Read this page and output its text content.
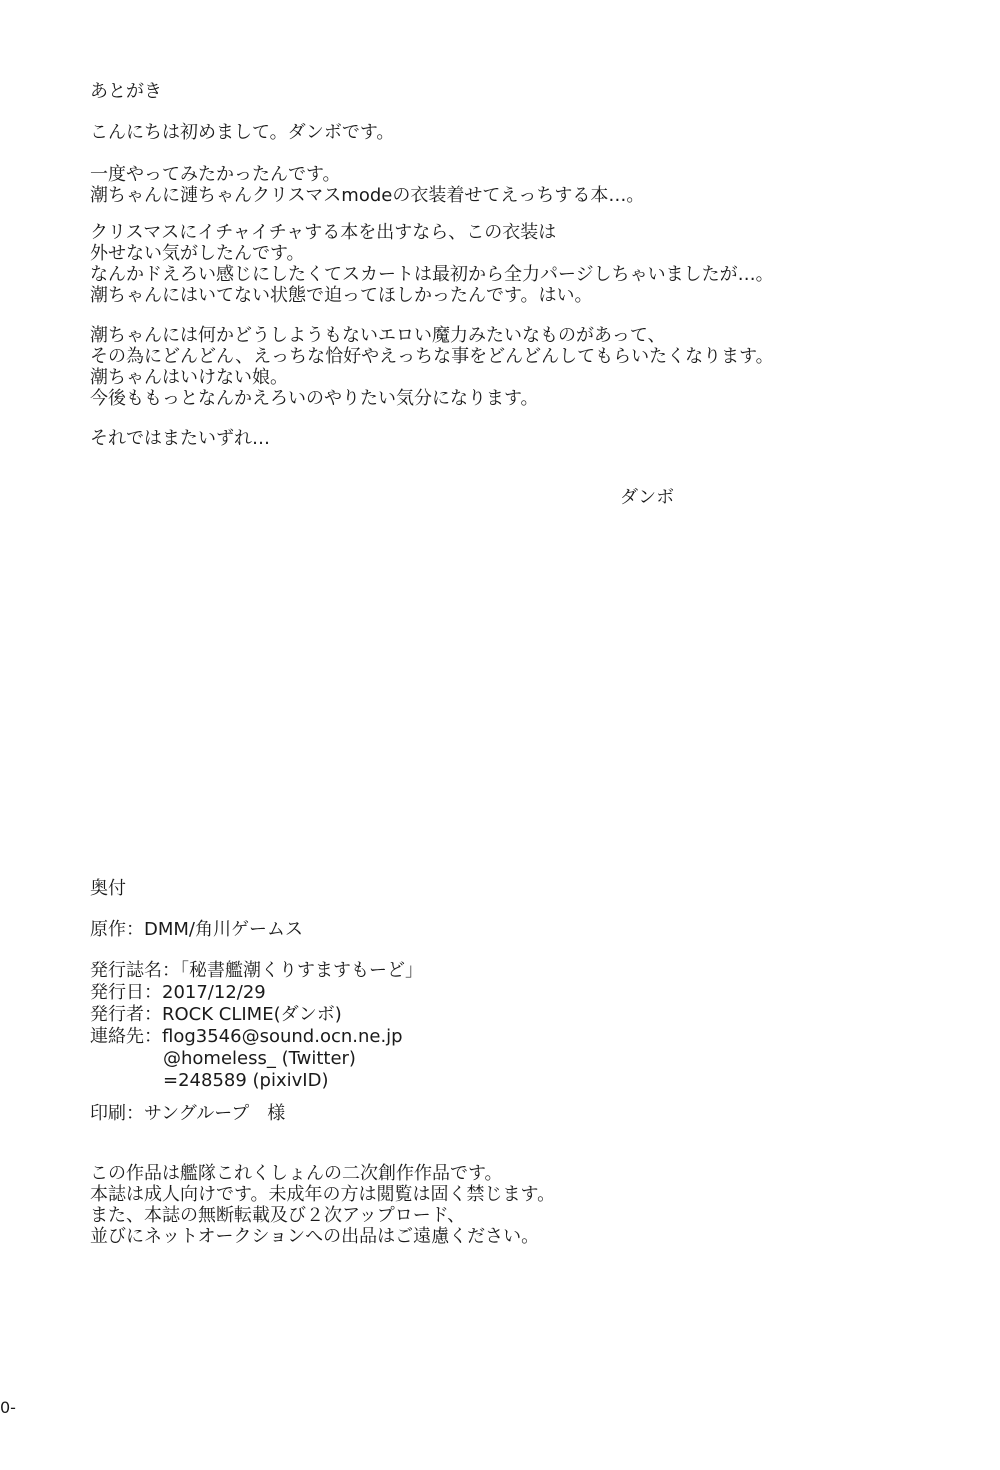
あとがき
こんにちは初めまして。ダンボです。
一度やってみたかったんです。
潮ちゃんに漣ちゃんクリスマスmodeの衣装着せてえっちする本…。
クリスマスにイチャイチャする本を出すなら、この衣装は
外せない気がしたんです。
なんかドえろい感じにしたくてスカートは最初から全力パージしちゃいましたが…。
潮ちゃんにはいてない状態で迫ってほしかったんです。はい。
潮ちゃんには何かどうしようもないエロい魔力みたいなものがあって、
その為にどんどん、えっちな恰好やえっちな事をどんどんしてもらいたくなります。
潮ちゃんはいけない娘。
今後ももっとなんかえろいのやりたい気分になります。
それではまたいずれ…
ダンボ
奥付
原作：DMM/角川ゲームス
発行誌名：「秘書艦潮くりすますもーど」
発行日：2017/12/29
発行者：ROCK CLIME(ダンボ)
連絡先：flog3546@sound.ocn.ne.jp
@homeless_ (Twitter)
=248589 (pixivID)
印刷：サングループ　様
この作品は艦隊これくしょんの二次創作作品です。
本誌は成人向けです。未成年の方は閲覧は固く禁じます。
また、本誌の無断転載及び２次アップロード、
並びにネットオークションへの出品はご遠慮ください。
0-
